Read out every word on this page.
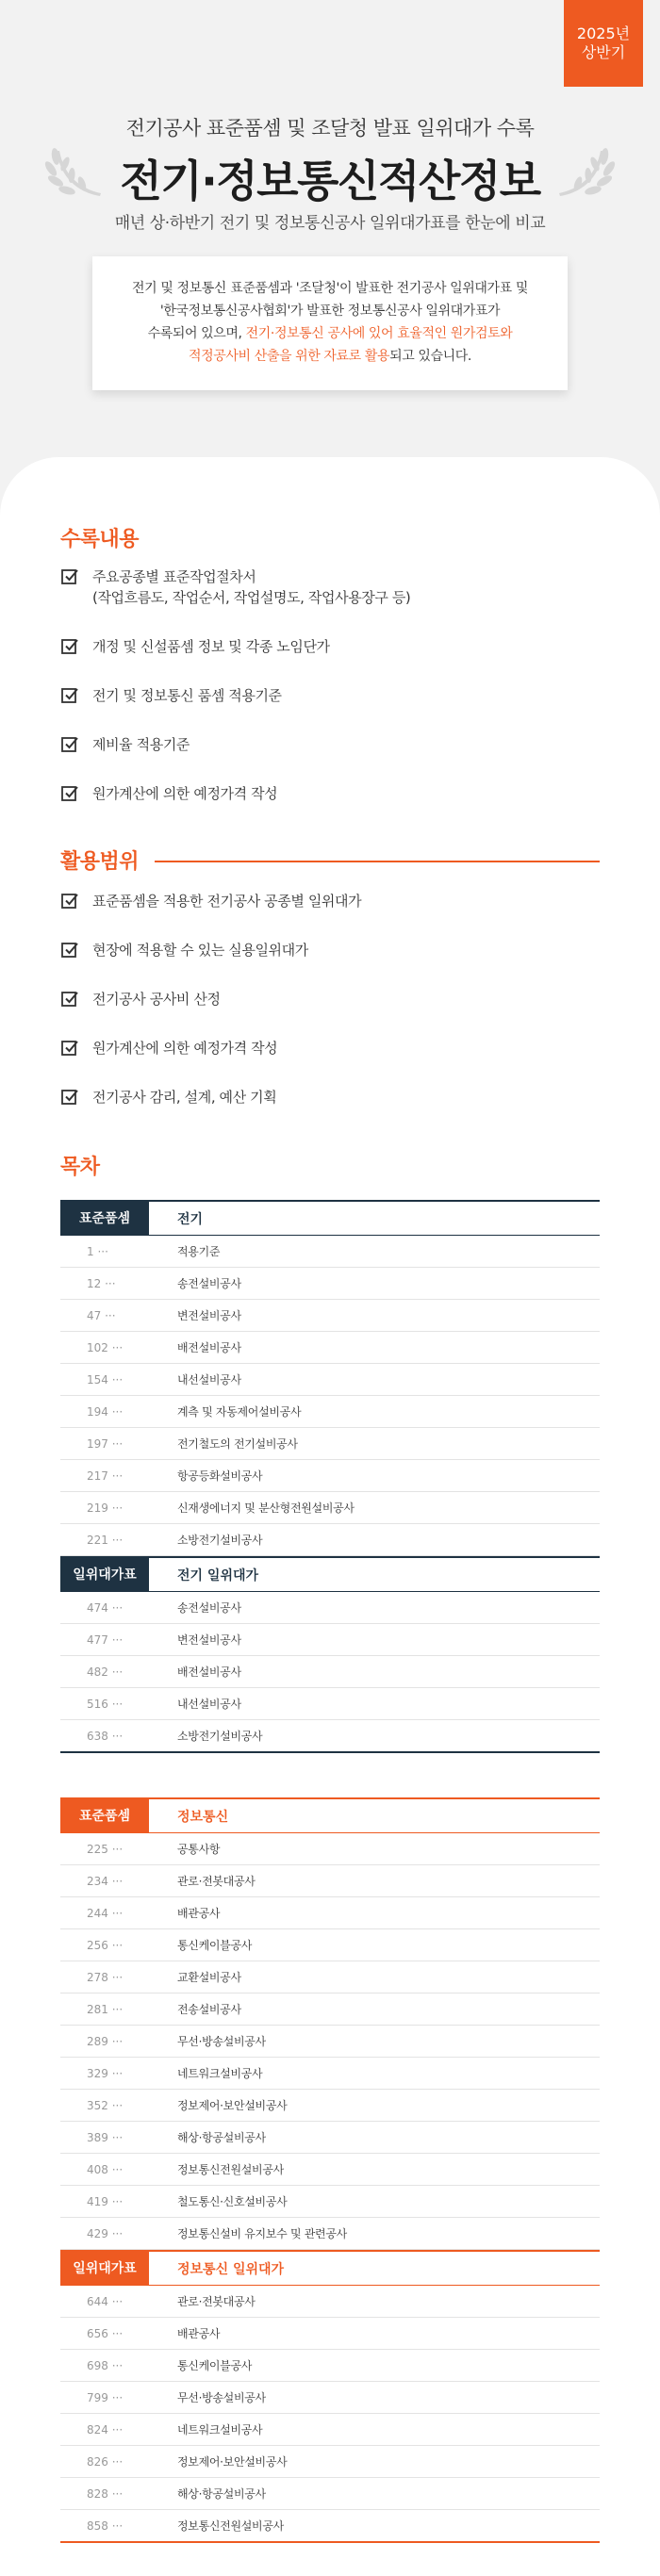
2025년
상반기
전기공사 표준품셈 및 조달청 발표 일위대가 수록
전기·정보통신적산정보
매년 상·하반기 전기 및 정보통신공사 일위대가표를 한눈에 비교
전기 및 정보통신 표준품셈과 '조달청'이 발표한 전기공사 일위대가표 및
'한국정보통신공사협회'가 발표한 정보통신공사 일위대가표가
수록되어 있으며, 전기·정보통신 공사에 있어 효율적인 원가검토와
적정공사비 산출을 위한 자료로 활용되고 있습니다.
수록내용
주요공종별 표준작업절차서
(작업흐름도, 작업순서, 작업설명도, 작업사용장구 등)
개정 및 신설품셈 정보 및 각종 노임단가
전기 및 정보통신 품셈 적용기준
제비율 적용기준
원가계산에 의한 예정가격 작성
활용범위
표준품셈을 적용한 전기공사 공종별 일위대가
현장에 적용할 수 있는 실용일위대가
전기공사 공사비 산정
원가계산에 의한 예정가격 작성
전기공사 감리, 설계, 예산 기획
목차
표준품셈	전기
1 ···	적용기준
12 ···	송전설비공사
47 ···	변전설비공사
102 ···	배전설비공사
154 ···	내선설비공사
194 ···	계측 및 자동제어설비공사
197 ···	전기철도의 전기설비공사
217 ···	항공등화설비공사
219 ···	신재생에너지 및 분산형전원설비공사
221 ···	소방전기설비공사
일위대가표	전기 일위대가
474 ···	송전설비공사
477 ···	변전설비공사
482 ···	배전설비공사
516 ···	내선설비공사
638 ···	소방전기설비공사
표준품셈	정보통신
225 ···	공통사항
234 ···	관로·전봇대공사
244 ···	배관공사
256 ···	통신케이블공사
278 ···	교환설비공사
281 ···	전송설비공사
289 ···	무선·방송설비공사
329 ···	네트워크설비공사
352 ···	정보제어·보안설비공사
389 ···	해상·항공설비공사
408 ···	정보통신전원설비공사
419 ···	철도통신·신호설비공사
429 ···	정보통신설비 유지보수 및 관련공사
일위대가표	정보통신 일위대가
644 ···	관로·전봇대공사
656 ···	배관공사
698 ···	통신케이블공사
799 ···	무선·방송설비공사
824 ···	네트워크설비공사
826 ···	정보제어·보안설비공사
828 ···	해상·항공설비공사
858 ···	정보통신전원설비공사
